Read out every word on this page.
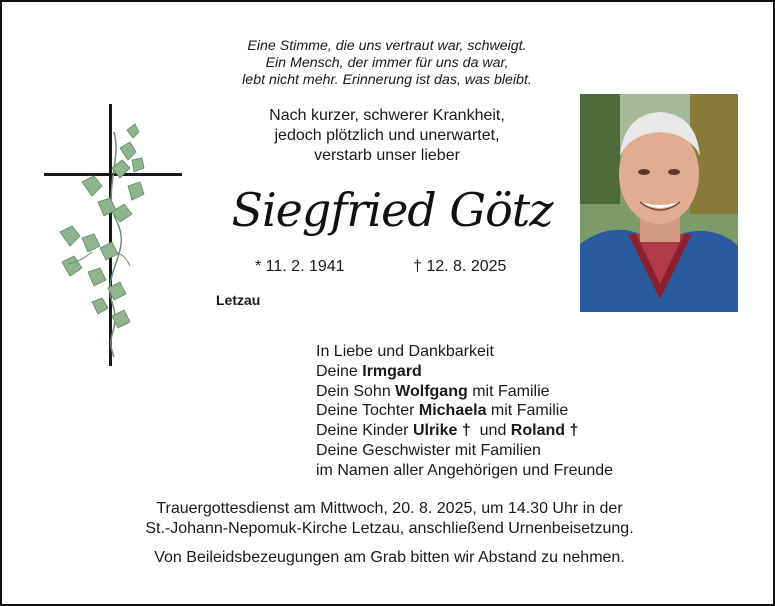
Eine Stimme, die uns vertraut war, schweigt.
Ein Mensch, der immer für uns da war,
lebt nicht mehr. Erinnerung ist das, was bleibt.
Nach kurzer, schwerer Krankheit,
jedoch plötzlich und unerwartet,
verstarb unser lieber
Siegfried Götz
* 11. 2. 1941	† 12. 8. 2025
Letzau
In Liebe und Dankbarkeit
Deine Irmgard
Dein Sohn Wolfgang mit Familie
Deine Tochter Michaela mit Familie
Deine Kinder Ulrike †  und Roland †
Deine Geschwister mit Familien
im Namen aller Angehörigen und Freunde
Trauergottesdienst am Mittwoch, 20. 8. 2025, um 14.30 Uhr in der
St.-Johann-Nepomuk-Kirche Letzau, anschließend Urnenbeisetzung.
Von Beileidsbezeugungen am Grab bitten wir Abstand zu nehmen.
